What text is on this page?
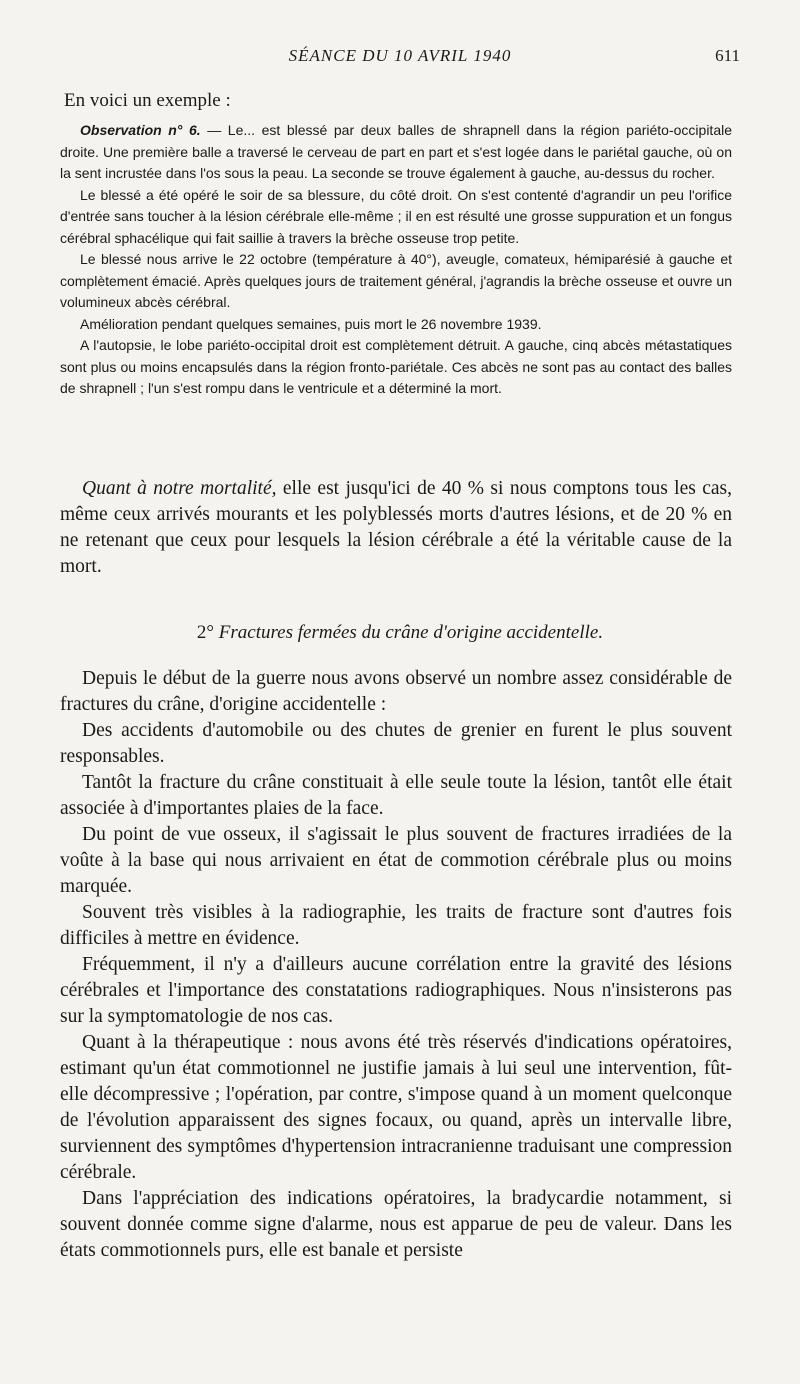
SÉANCE DU 10 AVRIL 1940	611
En voici un exemple :

Observation n° 6. — Le... est blessé par deux balles de shrapnell dans la région pariéto-occipitale droite. Une première balle a traversé le cerveau de part en part et s'est logée dans le pariétal gauche, où on la sent incrustée dans l'os sous la peau. La seconde se trouve également à gauche, au-dessus du rocher.

Le blessé a été opéré le soir de sa blessure, du côté droit. On s'est contenté d'agrandir un peu l'orifice d'entrée sans toucher à la lésion cérébrale elle-même ; il en est résulté une grosse suppuration et un fongus cérébral sphacélique qui fait saillie à travers la brèche osseuse trop petite.

Le blessé nous arrive le 22 octobre (température à 40°), aveugle, comateux, hémiparésié à gauche et complètement émacié. Après quelques jours de traitement général, j'agrandis la brèche osseuse et ouvre un volumineux abcès cérébral.

Amélioration pendant quelques semaines, puis mort le 26 novembre 1939.

A l'autopsie, le lobe pariéto-occipital droit est complètement détruit. A gauche, cinq abcès métastatiques sont plus ou moins encapsulés dans la région fronto-pariétale. Ces abcès ne sont pas au contact des balles de shrapnell ; l'un s'est rompu dans le ventricule et a déterminé la mort.

Quant à notre mortalité, elle est jusqu'ici de 40 % si nous comptons tous les cas, même ceux arrivés mourants et les polyblessés morts d'autres lésions, et de 20 % en ne retenant que ceux pour lesquels la lésion cérébrale a été la véritable cause de la mort.

2° Fractures fermées du crâne d'origine accidentelle.

Depuis le début de la guerre nous avons observé un nombre assez considérable de fractures du crâne, d'origine accidentelle :

Des accidents d'automobile ou des chutes de grenier en furent le plus souvent responsables.

Tantôt la fracture du crâne constituait à elle seule toute la lésion, tantôt elle était associée à d'importantes plaies de la face.

Du point de vue osseux, il s'agissait le plus souvent de fractures irradiées de la voûte à la base qui nous arrivaient en état de commotion cérébrale plus ou moins marquée.

Souvent très visibles à la radiographie, les traits de fracture sont d'autres fois difficiles à mettre en évidence.

Fréquemment, il n'y a d'ailleurs aucune corrélation entre la gravité des lésions cérébrales et l'importance des constatations radiographiques. Nous n'insisterons pas sur la symptomatologie de nos cas.

Quant à la thérapeutique : nous avons été très réservés d'indications opératoires, estimant qu'un état commotionnel ne justifie jamais à lui seul une intervention, fût-elle décompressive ; l'opération, par contre, s'impose quand à un moment quelconque de l'évolution apparaissent des signes focaux, ou quand, après un intervalle libre, surviennent des symptômes d'hypertension intracranienne traduisant une compression cérébrale.

Dans l'appréciation des indications opératoires, la bradycardie notamment, si souvent donnée comme signe d'alarme, nous est apparue de peu de valeur. Dans les états commotionnels purs, elle est banale et persiste
